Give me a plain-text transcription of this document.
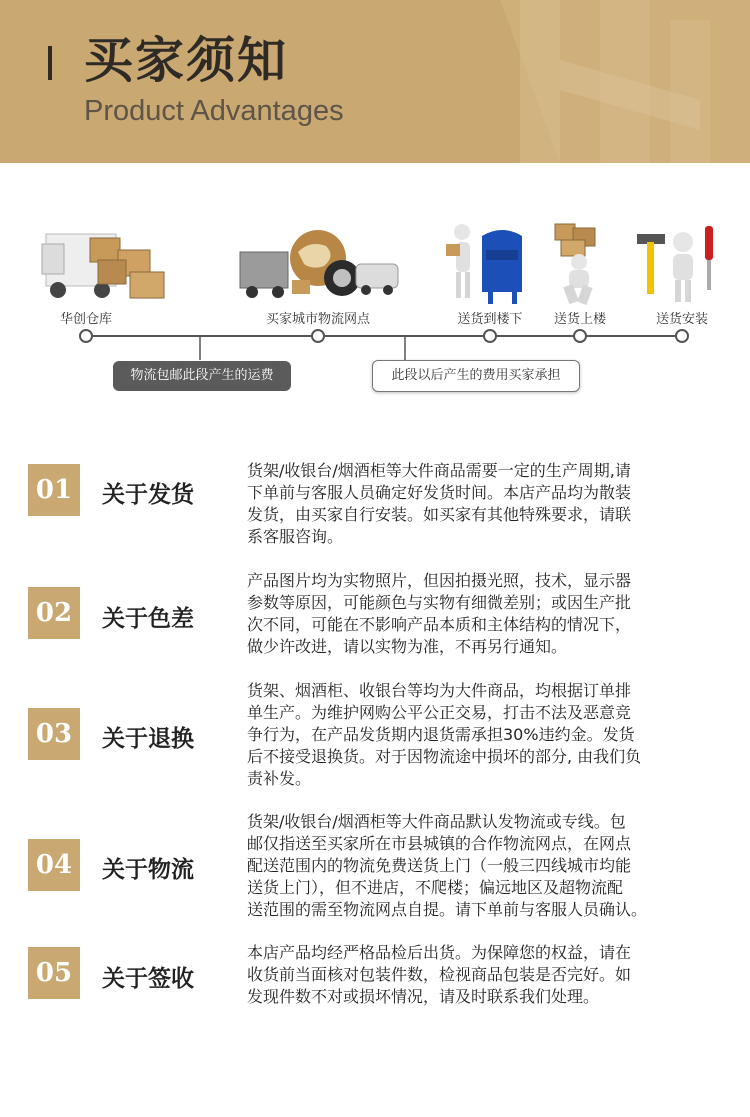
买家须知
Product Advantages
华创仓库	买家城市物流网点	送货到楼下 送货上楼	送货安装
物流包邮此段产生的运费	此段以后产生的费用买家承担
01	关于发货
货架/收银台/烟酒柜等大件商品需要一定的生产周期,请
下单前与客服人员确定好发货时间。本店产品均为散装
发货，由买家自行安装。如买家有其他特殊要求，请联
系客服咨询。
02	关于色差
产品图片均为实物照片，但因拍摄光照，技术，显示器
参数等原因，可能颜色与实物有细微差别；或因生产批
次不同，可能在不影响产品本质和主体结构的情况下，
做少许改进，请以实物为准，不再另行通知。
03	关于退换
货架、烟酒柜、收银台等均为大件商品，均根据订单排
单生产。为维护网购公平公正交易，打击不法及恶意竞
争行为，在产品发货期内退货需承担30%违约金。发货
后不接受退换货。对于因物流途中损坏的部分, 由我们负
责补发。
04	关于物流
货架/收银台/烟酒柜等大件商品默认发物流或专线。包
邮仅指送至买家所在市县城镇的合作物流网点，在网点
配送范围内的物流免费送货上门（一般三四线城市均能
送货上门），但不进店，不爬楼；偏远地区及超物流配
送范围的需至物流网点自提。请下单前与客服人员确认。
05	关于签收
本店产品均经严格品检后出货。为保障您的权益，请在
收货前当面核对包装件数，检视商品包装是否完好。如
发现件数不对或损坏情况，请及时联系我们处理。
